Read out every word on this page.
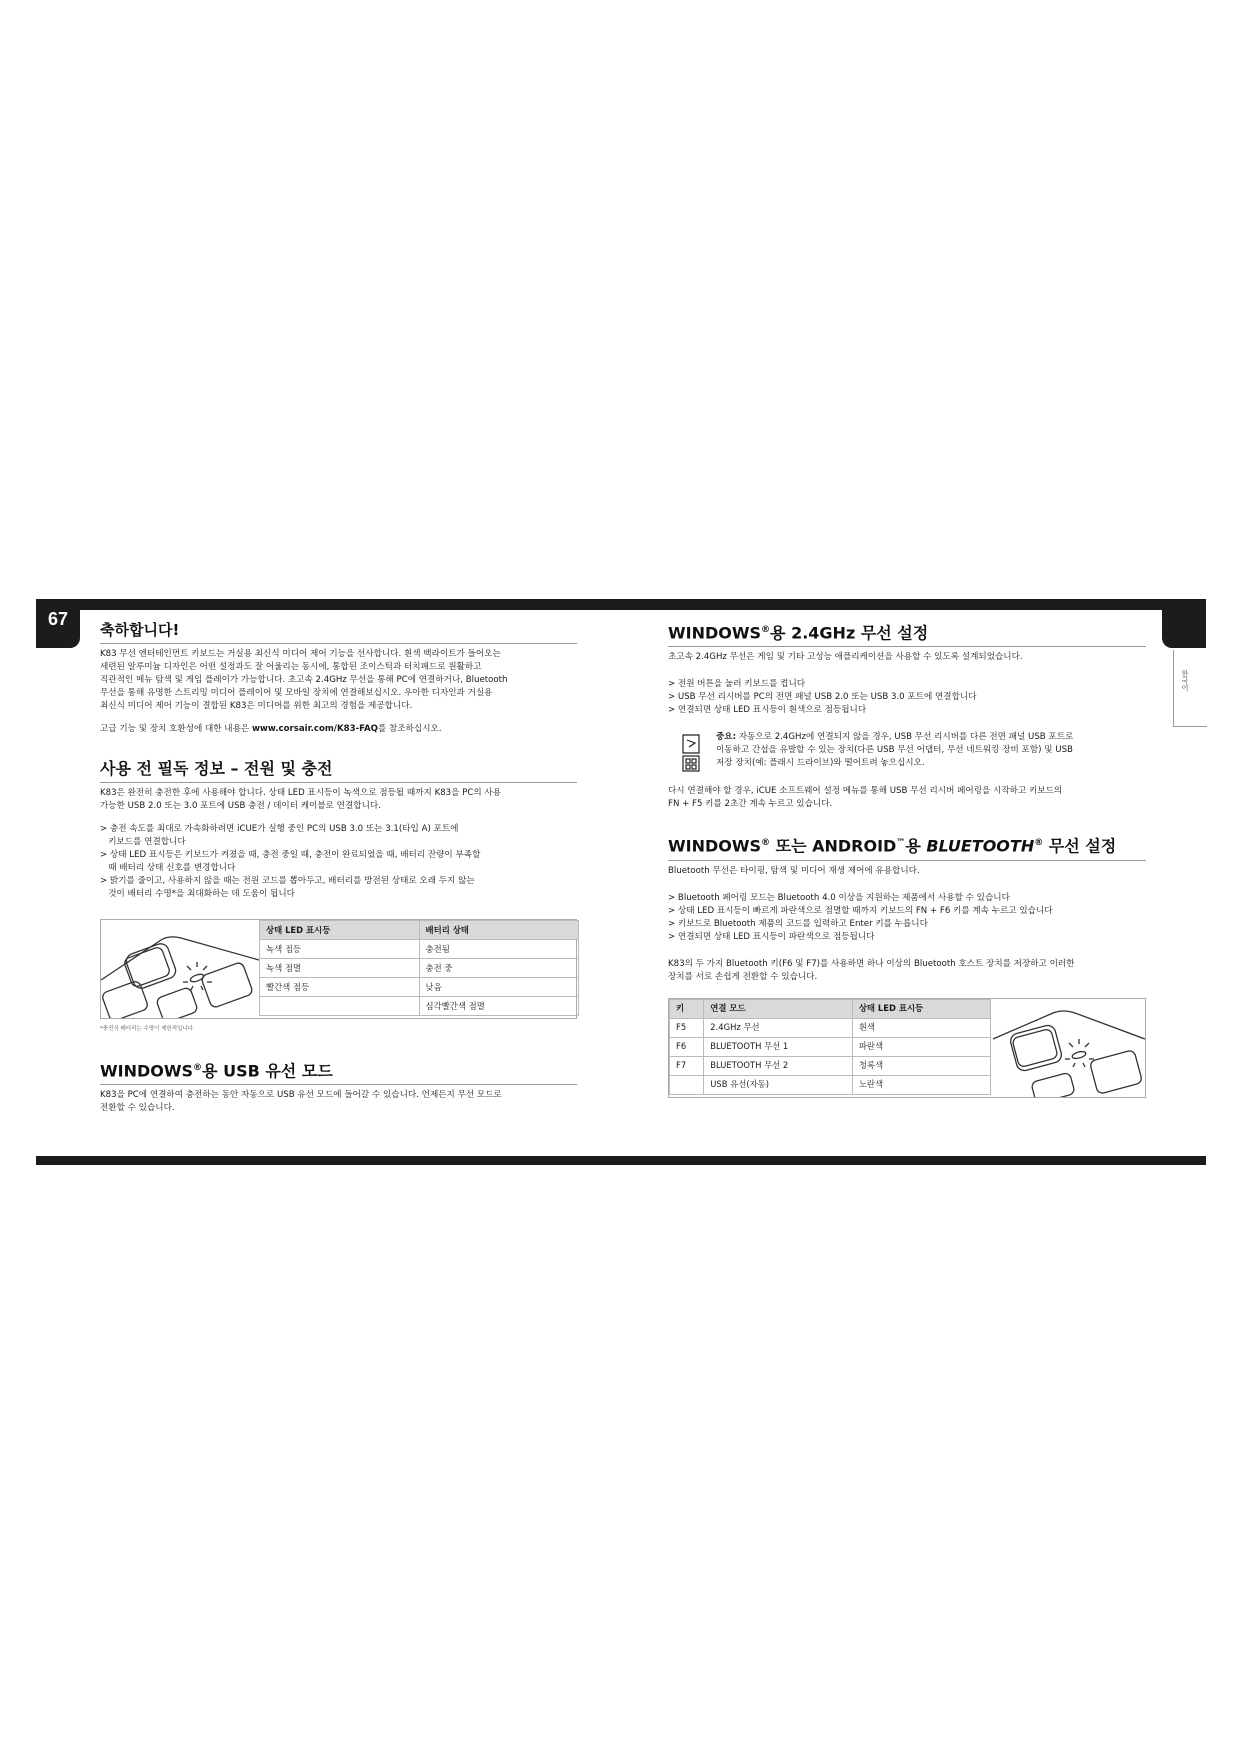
67
한국어
축하합니다!

K83 무선 엔터테인먼트 키보드는 거실용 최신식 미디어 제어 기능을 선사합니다. 흰색 백라이트가 들어오는

세련된 알루미늄 디자인은 어떤 설정과도 잘 어울리는 동시에, 통합된 조이스틱과 터치패드로 원활하고

직관적인 메뉴 탐색 및 게임 플레이가 가능합니다. 초고속 2.4GHz 무선을 통해 PC에 연결하거나, Bluetooth

무선을 통해 유명한 스트리밍 미디어 플레이어 및 모바일 장치에 연결해보십시오. 우아한 디자인과 거실용

최신식 미디어 제어 기능이 결합된 K83은 미디어를 위한 최고의 경험을 제공합니다.

고급 기능 및 장치 호환성에 대한 내용은 www.corsair.com/K83-FAQ를 참조하십시오.

사용 전 필독 정보 – 전원 및 충전

K83은 완전히 충전한 후에 사용해야 합니다. 상태 LED 표시등이 녹색으로 점등될 때까지 K83을 PC의 사용

가능한 USB 2.0 또는 3.0 포트에 USB 충전 / 데이터 케이블로 연결합니다.

> 충전 속도를 최대로 가속화하려면 iCUE가 실행 중인 PC의 USB 3.0 또는 3.1(타입 A) 포트에
키보드를 연결합니다
> 상태 LED 표시등은 키보드가 켜졌을 때, 충전 중일 때, 충전이 완료되었을 때, 배터리 잔량이 부족할
때 배터리 상태 신호를 변경합니다
> 밝기를 줄이고, 사용하지 않을 때는 전원 코드를 뽑아두고, 배터리를 방전된 상태로 오래 두지 않는
것이 배터리 수명*을 최대화하는 데 도움이 됩니다
상태 LED 표시등	배터리 상태
녹색 점등	충전됨
녹색 점멸	충전 중
빨간색 점등	낮음
	심각빨간색 점멸
*충전식 배터리는 수명이 제한적입니다
WINDOWS®용 USB 유선 모드

K83을 PC에 연결하여 충전하는 동안 자동으로 USB 유선 모드에 들어갈 수 있습니다. 언제든지 무선 모드로

전환할 수 있습니다.

WINDOWS®용 2.4GHz 무선 설정

초고속 2.4GHz 무선은 게임 및 기타 고성능 애플리케이션을 사용할 수 있도록 설계되었습니다.

> 전원 버튼을 눌러 키보드를 켭니다
> USB 무선 리시버를 PC의 전면 패널 USB 2.0 또는 USB 3.0 포트에 연결합니다
> 연결되면 상태 LED 표시등이 흰색으로 점등됩니다

중요: 자동으로 2.4GHz에 연결되지 않을 경우, USB 무선 리시버를 다른 전면 패널 USB 포트로

이동하고 간섭을 유발할 수 있는 장치(다른 USB 무선 어댑터, 무선 네트워킹 장비 포함) 및 USB

저장 장치(예: 플래시 드라이브)와 떨어트려 놓으십시오.

다시 연결해야 할 경우, iCUE 소프트웨어 설정 메뉴를 통해 USB 무선 리시버 페어링을 시작하고 키보드의

FN + F5 키를 2초간 계속 누르고 있습니다.

WINDOWS® 또는 ANDROID™용 BLUETOOTH® 무선 설정

Bluetooth 무선은 타이핑, 탐색 및 미디어 재생 제어에 유용합니다.

> Bluetooth 페어링 모드는 Bluetooth 4.0 이상을 지원하는 제품에서 사용할 수 있습니다
> 상태 LED 표시등이 빠르게 파란색으로 점멸할 때까지 키보드의 FN + F6 키를 계속 누르고 있습니다
> 키보드로 Bluetooth 제품의 코드를 입력하고 Enter 키를 누릅니다
> 연결되면 상태 LED 표시등이 파란색으로 점등됩니다

K83의 두 가지 Bluetooth 키(F6 및 F7)를 사용하면 하나 이상의 Bluetooth 호스트 장치를 저장하고 이러한

장치를 서로 손쉽게 전환할 수 있습니다.

키	연결 모드	상태 LED 표시등
F5	2.4GHz 무선	흰색
F6	BLUETOOTH 무선 1	파란색
F7	BLUETOOTH 무선 2	청록색
	USB 유선(자동)	노란색
